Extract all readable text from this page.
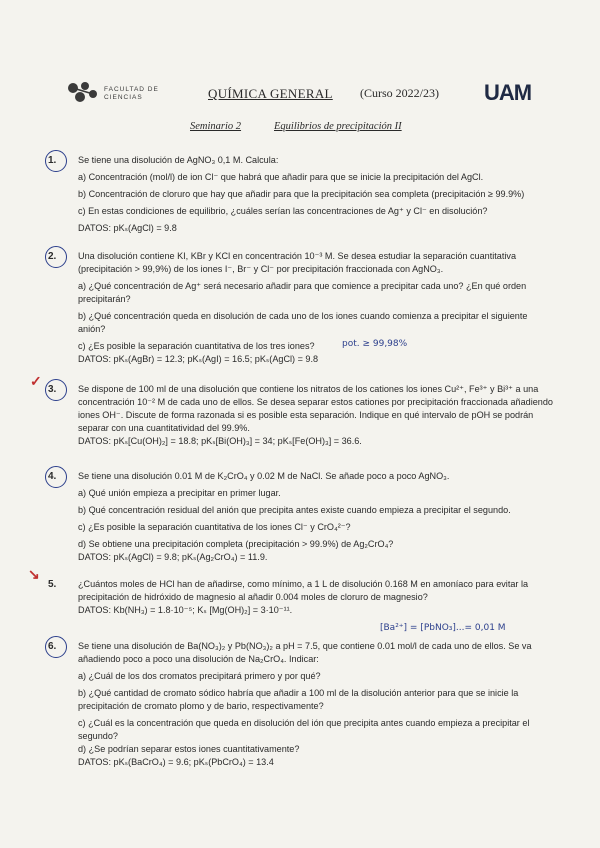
FACULTAD DE CIENCIAS	QUÍMICA GENERAL (Curso 2022/23) UAM
Seminario 2	Equilibrios de precipitación II
1.	Se tiene una disolución de AgNO₃ 0,1 M. Calcula:
a) Concentración (mol/l) de ion Cl⁻ que habrá que añadir para que se inicie la precipitación del AgCl.
b) Concentración de cloruro que hay que añadir para que la precipitación sea completa (precipitación ≥ 99.9%)
c) En estas condiciones de equilibrio, ¿cuáles serían las concentraciones de Ag⁺ y Cl⁻ en disolución?
DATOS: pKₛ(AgCl) = 9.8
2.	Una disolución contiene KI, KBr y KCl en concentración 10⁻³ M. Se desea estudiar la separación cuantitativa (precipitación > 99,9%) de los iones I⁻, Br⁻ y Cl⁻ por precipitación fraccionada con AgNO₃.
a) ¿Qué concentración de Ag⁺ será necesario añadir para que comience a precipitar cada uno? ¿En qué orden precipitarán?
b) ¿Qué concentración queda en disolución de cada uno de los iones cuando comienza a precipitar el siguiente anión?
c) ¿Es posible la separación cuantitativa de los tres iones?
DATOS: pKₛ(AgBr) = 12.3; pKₛ(AgI) = 16.5; pKₛ(AgCl) = 9.8
pot. ≥ 99,98%
✓
3.	Se dispone de 100 ml de una disolución que contiene los nitratos de los cationes los iones Cu²⁺, Fe³⁺ y Bi³⁺ a una concentración 10⁻² M de cada uno de ellos. Se desea separar estos cationes por precipitación fraccionada añadiendo iones OH⁻. Discute de forma razonada si es posible esta separación. Indique en qué intervalo de pOH se podrán separar con una cuantitatividad del 99.9%.
DATOS: pKₛ[Cu(OH)₂] = 18.8; pKₛ[Bi(OH)₃] = 34; pKₛ[Fe(OH)₃] = 36.6.
4.	Se tiene una disolución 0.01 M de K₂CrO₄ y 0.02 M de NaCl. Se añade poco a poco AgNO₃.
a) Qué unión empieza a precipitar en primer lugar.
b) Qué concentración residual del anión que precipita antes existe cuando empieza a precipitar el segundo.
c) ¿Es posible la separación cuantitativa de los iones Cl⁻ y CrO₄²⁻?
d) Se obtiene una precipitación completa (precipitación > 99.9%) de Ag₂CrO₄?
DATOS: pKₛ(AgCl) = 9.8; pKₛ(Ag₂CrO₄) = 11.9.
↘
5.	¿Cuántos moles de HCl han de añadirse, como mínimo, a 1 L de disolución 0.168 M en amoníaco para evitar la precipitación de hidróxido de magnesio al añadir 0.004 moles de cloruro de magnesio?
DATOS: Kb(NH₃) = 1.8·10⁻⁵; Kₛ [Mg(OH)₂] = 3·10⁻¹¹.
6.
[Ba²⁺] = [PbNO₃]...= 0,01 M
Se tiene una disolución de Ba(NO₃)₂ y Pb(NO₃)₂ a pH = 7.5, que contiene 0.01 mol/l de cada uno de ellos. Se va añadiendo poco a poco una disolución de Na₂CrO₄. Indicar:
a) ¿Cuál de los dos cromatos precipitará primero y por qué?
b) ¿Qué cantidad de cromato sódico habría que añadir a 100 ml de la disolución anterior para que se inicie la precipitación de cromato plomo y de bario, respectivamente?
c) ¿Cuál es la concentración que queda en disolución del ión que precipita antes cuando empieza a precipitar el segundo?
d) ¿Se podrían separar estos iones cuantitativamente?
DATOS: pKₛ(BaCrO₄) = 9.6; pKₛ(PbCrO₄) = 13.4
